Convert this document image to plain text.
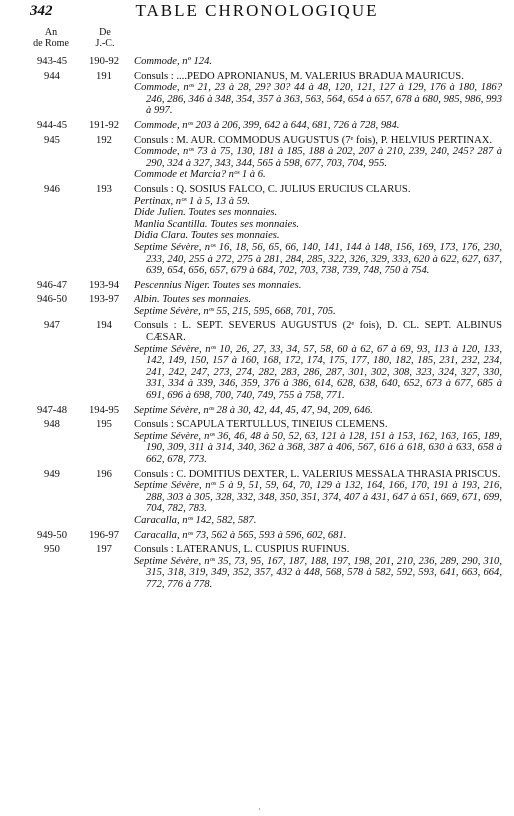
342	TABLE CHRONOLOGIQUE
An
de Rome
De
J.-C.
943-45	190-92	Commode, nº 124.
944	191	Consuls : ....PEDO APRONIANUS, M. VALERIUS BRADUA MAURICUS.
Commode, nᵒˢ 21, 23 à 28, 29? 30? 44 à 48, 120, 121, 127 à 129, 176 à 180, 186? 246, 286, 346 à 348, 354, 357 à 363, 563, 564, 654 à 657, 678 à 680, 985, 986, 993 à 997.
944-45	191-92	Commode, nᵒˢ 203 à 206, 399, 642 à 644, 681, 726 à 728, 984.
945	192	Consuls : M. AUR. COMMODUS AUGUSTUS (7ᵉ fois), P. HELVIUS PERTINAX.
Commode, nᵒˢ 73 à 75, 130, 181 à 185, 188 à 202, 207 à 210, 239, 240, 245? 287 à 290, 324 à 327, 343, 344, 565 à 598, 677, 703, 704, 955.
Commode et Marcia? nᵒˢ 1 à 6.
946	193	Consuls : Q. SOSIUS FALCO, C. JULIUS ERUCIUS CLARUS.
Pertinax, nᵒˢ 1 à 5, 13 à 59.
Dide Julien. Toutes ses monnaies.
Manlia Scantilla. Toutes ses monnaies.
Didia Clara. Toutes ses monnaies.
Septime Sévère, nᵒˢ 16, 18, 56, 65, 66, 140, 141, 144 à 148, 156, 169, 173, 176, 230, 233, 240, 255 à 272, 275 à 281, 284, 285, 322, 326, 329, 333, 620 à 622, 627, 637, 639, 654, 656, 657, 679 à 684, 702, 703, 738, 739, 748, 750 à 754.
946-47	193-94	Pescennius Niger. Toutes ses monnaies.
946-50	193-97	Albin. Toutes ses monnaies.
Septime Sévère, nᵒˢ 55, 215, 595, 668, 701, 705.
947	194	Consuls : L. SEPT. SEVERUS AUGUSTUS (2ᵉ fois), D. CL. SEPT. ALBINUS CÆSAR.
Septime Sévère, nᵒˢ 10, 26, 27, 33, 34, 57, 58, 60 à 62, 67 à 69, 93, 113 à 120, 133, 142, 149, 150, 157 à 160, 168, 172, 174, 175, 177, 180, 182, 185, 231, 232, 234, 241, 242, 247, 273, 274, 282, 283, 286, 287, 301, 302, 308, 323, 324, 327, 330, 331, 334 à 339, 346, 359, 376 à 386, 614, 628, 638, 640, 652, 673 à 677, 685 à 691, 696 à 698, 700, 740, 749, 755 à 758, 771.
947-48	194-95	Septime Sévère, nᵒˢ 28 à 30, 42, 44, 45, 47, 94, 209, 646.
948	195	Consuls : SCAPULA TERTULLUS, TINEIUS CLEMENS.
Septime Sévère, nᵒˢ 36, 46, 48 à 50, 52, 63, 121 à 128, 151 à 153, 162, 163, 165, 189, 190, 309, 311 à 314, 340, 362 à 368, 387 à 406, 567, 616 à 618, 630 à 633, 658 à 662, 678, 773.
949	196	Consuls : C. DOMITIUS DEXTER, L. VALERIUS MESSALA THRASIA PRISCUS.
Septime Sévère, nᵒˢ 5 à 9, 51, 59, 64, 70, 129 à 132, 164, 166, 170, 191 à 193, 216, 288, 303 à 305, 328, 332, 348, 350, 351, 374, 407 à 431, 647 à 651, 669, 671, 699, 704, 782, 783.
Caracalla, nᵒˢ 142, 582, 587.
949-50	196-97	Caracalla, nᵒˢ 73, 562 à 565, 593 à 596, 602, 681.
950	197	Consuls : LATERANUS, L. CUSPIUS RUFINUS.
Septime Sévère, nᵒˢ 35, 73, 95, 167, 187, 188, 197, 198, 201, 210, 236, 289, 290, 310, 315, 318, 319, 349, 352, 357, 432 à 448, 568, 578 à 582, 592, 593, 641, 663, 664, 772, 776 à 778.
·
